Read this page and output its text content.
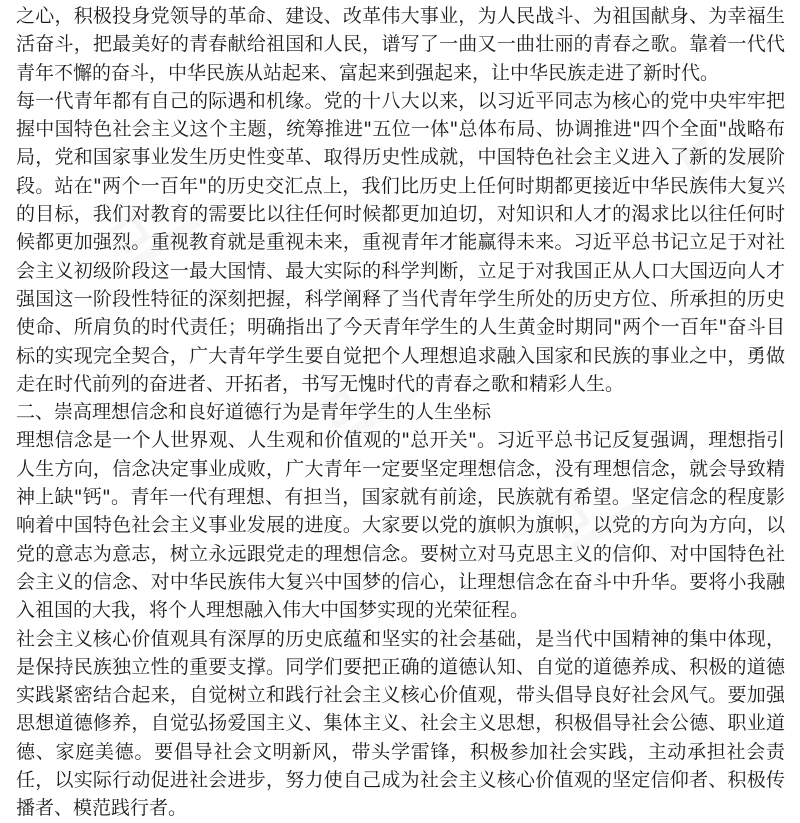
之心，积极投身党领导的革命、建设、改革伟大事业，为人民战斗、为祖国献身、为幸福生活奋斗，把最美好的青春献给祖国和人民，谱写了一曲又一曲壮丽的青春之歌。靠着一代代青年不懈的奋斗，中华民族从站起来、富起来到强起来，让中华民族走进了新时代。

每一代青年都有自己的际遇和机缘。党的十八大以来，以习近平同志为核心的党中央牢牢把握中国特色社会主义这个主题，统筹推进"五位一体"总体布局、协调推进"四个全面"战略布局，党和国家事业发生历史性变革、取得历史性成就，中国特色社会主义进入了新的发展阶段。站在"两个一百年"的历史交汇点上，我们比历史上任何时期都更接近中华民族伟大复兴的目标，我们对教育的需要比以往任何时候都更加迫切，对知识和人才的渴求比以往任何时候都更加强烈。重视教育就是重视未来，重视青年才能赢得未来。习近平总书记立足于对社会主义初级阶段这一最大国情、最大实际的科学判断，立足于对我国正从人口大国迈向人才强国这一阶段性特征的深刻把握，科学阐释了当代青年学生所处的历史方位、所承担的历史使命、所肩负的时代责任；明确指出了今天青年学生的人生黄金时期同"两个一百年"奋斗目标的实现完全契合，广大青年学生要自觉把个人理想追求融入国家和民族的事业之中，勇做走在时代前列的奋进者、开拓者，书写无愧时代的青春之歌和精彩人生。

二、崇高理想信念和良好道德行为是青年学生的人生坐标

理想信念是一个人世界观、人生观和价值观的"总开关"。习近平总书记反复强调，理想指引人生方向，信念决定事业成败，广大青年一定要坚定理想信念，没有理想信念，就会导致精神上缺"钙"。青年一代有理想、有担当，国家就有前途，民族就有希望。坚定信念的程度影响着中国特色社会主义事业发展的进度。大家要以党的旗帜为旗帜，以党的方向为方向，以党的意志为意志，树立永远跟党走的理想信念。要树立对马克思主义的信仰、对中国特色社会主义的信念、对中华民族伟大复兴中国梦的信心，让理想信念在奋斗中升华。要将小我融入祖国的大我，将个人理想融入伟大中国梦实现的光荣征程。

社会主义核心价值观具有深厚的历史底蕴和坚实的社会基础，是当代中国精神的集中体现，是保持民族独立性的重要支撑。同学们要把正确的道德认知、自觉的道德养成、积极的道德实践紧密结合起来，自觉树立和践行社会主义核心价值观，带头倡导良好社会风气。要加强思想道德修养，自觉弘扬爱国主义、集体主义、社会主义思想，积极倡导社会公德、职业道德、家庭美德。要倡导社会文明新风，带头学雷锋，积极参加社会实践，主动承担社会责任，以实际行动促进社会进步，努力使自己成为社会主义核心价值观的坚定信仰者、积极传播者、模范践行者。
